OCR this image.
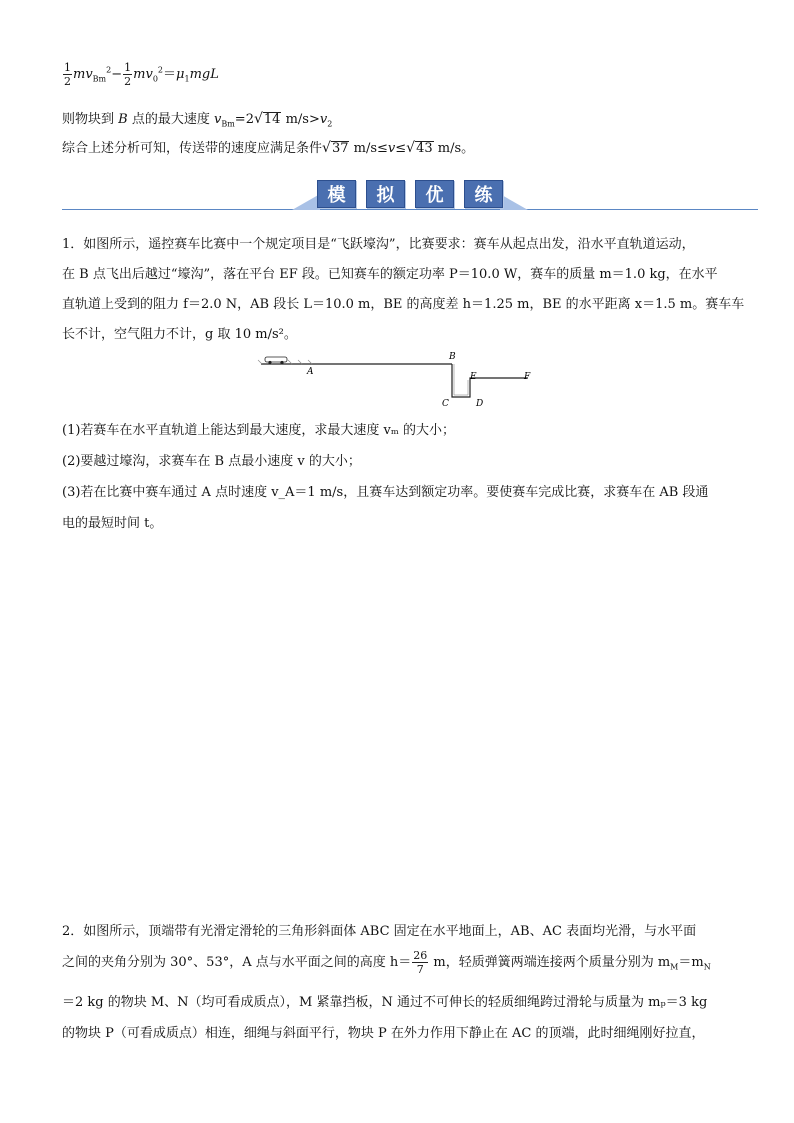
$\frac{1}{2} mv_{Bm}^2- \frac{1}{2} mv_0^2=\mu_1mgL$
则物块到 B 点的最大速度 $v_{Bm}=2√14$ $m/s>v_2$
综合上述分析可知，传送带的速度应满足条件√37 m/s≤v≤√43 m/s。
模	拟	优	练
1．如图所示，遥控赛车比赛中一个规定项目是“飞跃壕沟”，比赛要求：赛车从起点出发，沿水平直轨道运动，
在 B 点飞出后越过“壕沟”，落在平台 EF 段。已知赛车的额定功率 P＝10.0 W，赛车的质量 m＝1.0 kg，在水平
直轨道上受到的阻力 f＝2.0 N，AB 段长 L＝10.0 m，BE 的高度差 h＝1.25 m，BE 的水平距离 x＝1.5 m。赛车车
长不计，空气阻力不计，g 取 10 m/s²。
A
B
C	D
E	F
(1)若赛车在水平直轨道上能达到最大速度，求最大速度 vₘ 的大小；
(2)要越过壕沟，求赛车在 B 点最小速度 v 的大小；
(3)若在比赛中赛车通过 A 点时速度 v_A＝1 m/s，且赛车达到额定功率。要使赛车完成比赛，求赛车在 AB 段通
电的最短时间 t。
2．如图所示，顶端带有光滑定滑轮的三角形斜面体 ABC 固定在水平地面上，AB、AC 表面均光滑，与水平面
之间的夹角分别为 30°、53°，A 点与水平面之间的高度 $h= \frac{26}{7}$ m，轻质弹簧两端连接两个质量分别为 $m_M=m_N$
＝2 kg 的物块 M、N（均可看成质点），M 紧靠挡板，N 通过不可伸长的轻质细绳跨过滑轮与质量为 mₚ＝3 kg
的物块 P（可看成质点）相连，细绳与斜面平行，物块 P 在外力作用下静止在 AC 的顶端，此时细绳刚好拉直，
